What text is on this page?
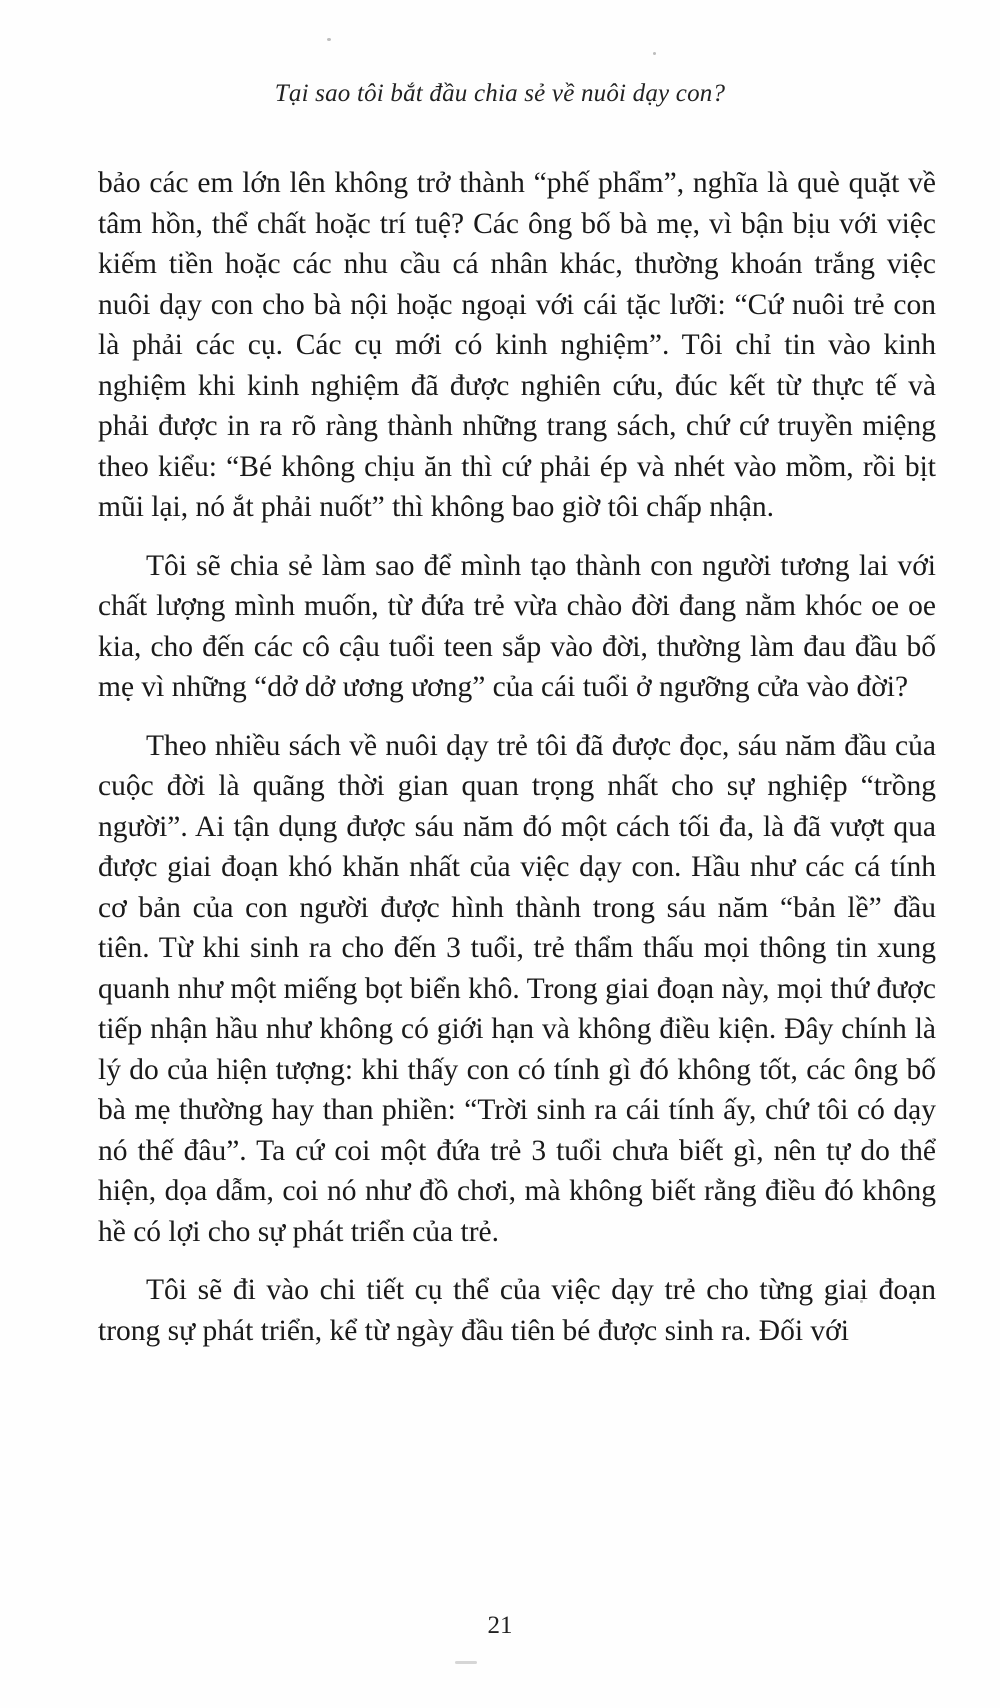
Tại sao tôi bắt đầu chia sẻ về nuôi dạy con?

bảo các em lớn lên không trở thành “phế phẩm”, nghĩa là què quặt về tâm hồn, thể chất hoặc trí tuệ? Các ông bố bà mẹ, vì bận bịu với việc kiếm tiền hoặc các nhu cầu cá nhân khác, thường khoán trắng việc nuôi dạy con cho bà nội hoặc ngoại với cái tặc lưỡi: “Cứ nuôi trẻ con là phải các cụ. Các cụ mới có kinh nghiệm”. Tôi chỉ tin vào kinh nghiệm khi kinh nghiệm đã được nghiên cứu, đúc kết từ thực tế và phải được in ra rõ ràng thành những trang sách, chứ cứ truyền miệng theo kiểu: “Bé không chịu ăn thì cứ phải ép và nhét vào mồm, rồi bịt mũi lại, nó ắt phải nuốt” thì không bao giờ tôi chấp nhận.

Tôi sẽ chia sẻ làm sao để mình tạo thành con người tương lai với chất lượng mình muốn, từ đứa trẻ vừa chào đời đang nằm khóc oe oe kia, cho đến các cô cậu tuổi teen sắp vào đời, thường làm đau đầu bố mẹ vì những “dở dở ương ương” của cái tuổi ở ngưỡng cửa vào đời?

Theo nhiều sách về nuôi dạy trẻ tôi đã được đọc, sáu năm đầu của cuộc đời là quãng thời gian quan trọng nhất cho sự nghiệp “trồng người”. Ai tận dụng được sáu năm đó một cách tối đa, là đã vượt qua được giai đoạn khó khăn nhất của việc dạy con. Hầu như các cá tính cơ bản của con người được hình thành trong sáu năm “bản lề” đầu tiên. Từ khi sinh ra cho đến 3 tuổi, trẻ thẩm thấu mọi thông tin xung quanh như một miếng bọt biển khô. Trong giai đoạn này, mọi thứ được tiếp nhận hầu như không có giới hạn và không điều kiện. Đây chính là lý do của hiện tượng: khi thấy con có tính gì đó không tốt, các ông bố bà mẹ thường hay than phiền: “Trời sinh ra cái tính ấy, chứ tôi có dạy nó thế đâu”. Ta cứ coi một đứa trẻ 3 tuổi chưa biết gì, nên tự do thể hiện, dọa dẫm, coi nó như đồ chơi, mà không biết rằng điều đó không hề có lợi cho sự phát triển của trẻ.

Tôi sẽ đi vào chi tiết cụ thể của việc dạy trẻ cho từng giai đoạn trong sự phát triển, kể từ ngày đầu tiên bé được sinh ra. Đối với

21
